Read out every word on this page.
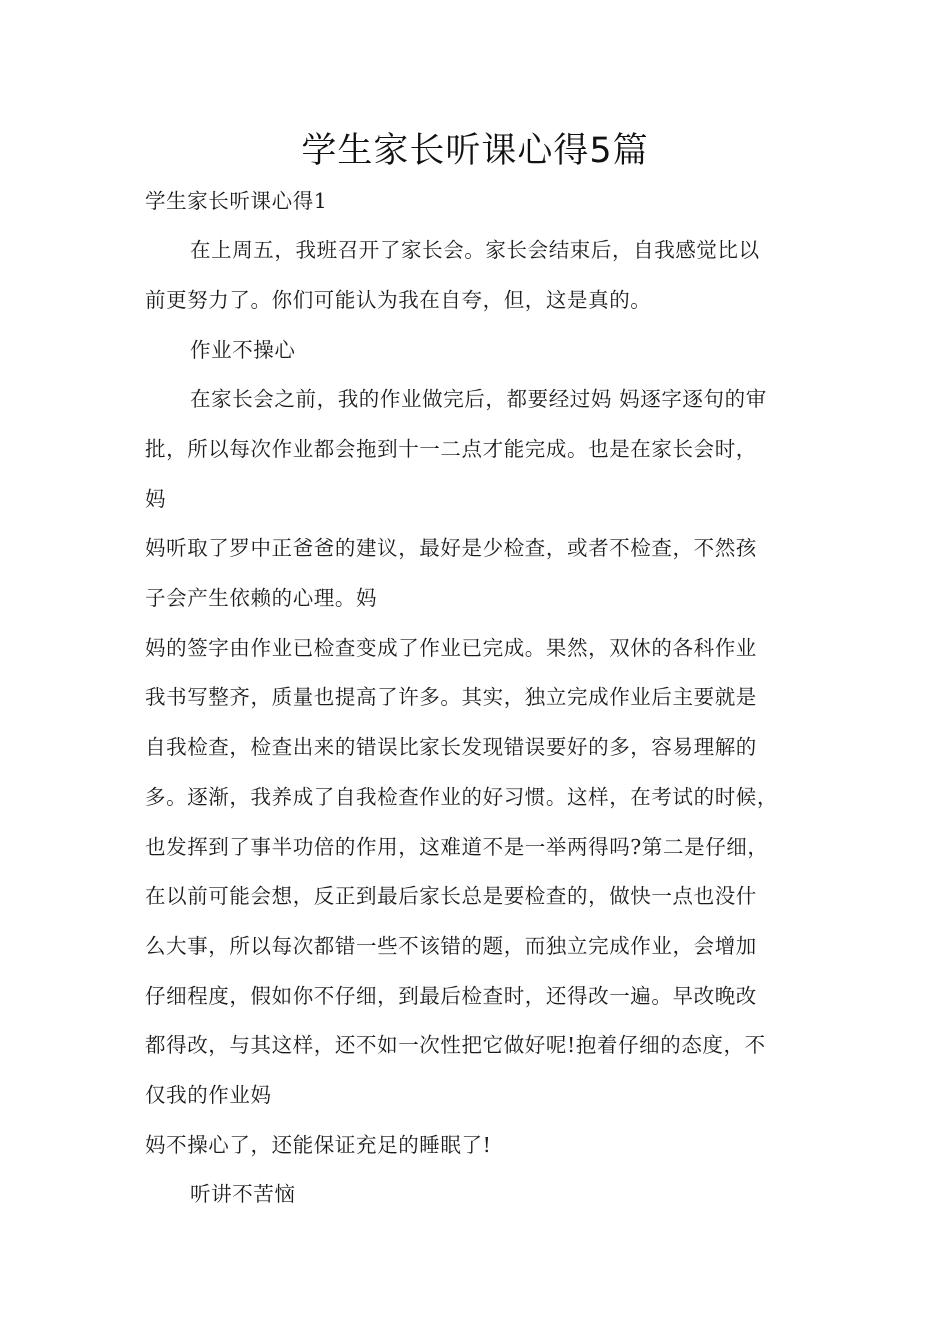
学生家长听课心得5篇
学生家长听课心得1
在上周五，我班召开了家长会。家长会结束后，自我感觉比以
前更努力了。你们可能认为我在自夸，但，这是真的。
作业不操心
在家长会之前，我的作业做完后，都要经过妈 妈逐字逐句的审
批，所以每次作业都会拖到十一二点才能完成。也是在家长会时，
妈
妈听取了罗中正爸爸的建议，最好是少检查，或者不检查，不然孩
子会产生依赖的心理。妈
妈的签字由作业已检查变成了作业已完成。果然，双休的各科作业
我书写整齐，质量也提高了许多。其实，独立完成作业后主要就是
自我检查，检查出来的错误比家长发现错误要好的多，容易理解的
多。逐渐，我养成了自我检查作业的好习惯。这样，在考试的时候，
也发挥到了事半功倍的作用，这难道不是一举两得吗?第二是仔细，
在以前可能会想，反正到最后家长总是要检查的，做快一点也没什
么大事，所以每次都错一些不该错的题，而独立完成作业，会增加
仔细程度，假如你不仔细，到最后检查时，还得改一遍。早改晚改
都得改，与其这样，还不如一次性把它做好呢!抱着仔细的态度，不
仅我的作业妈
妈不操心了，还能保证充足的睡眠了!
听讲不苦恼
